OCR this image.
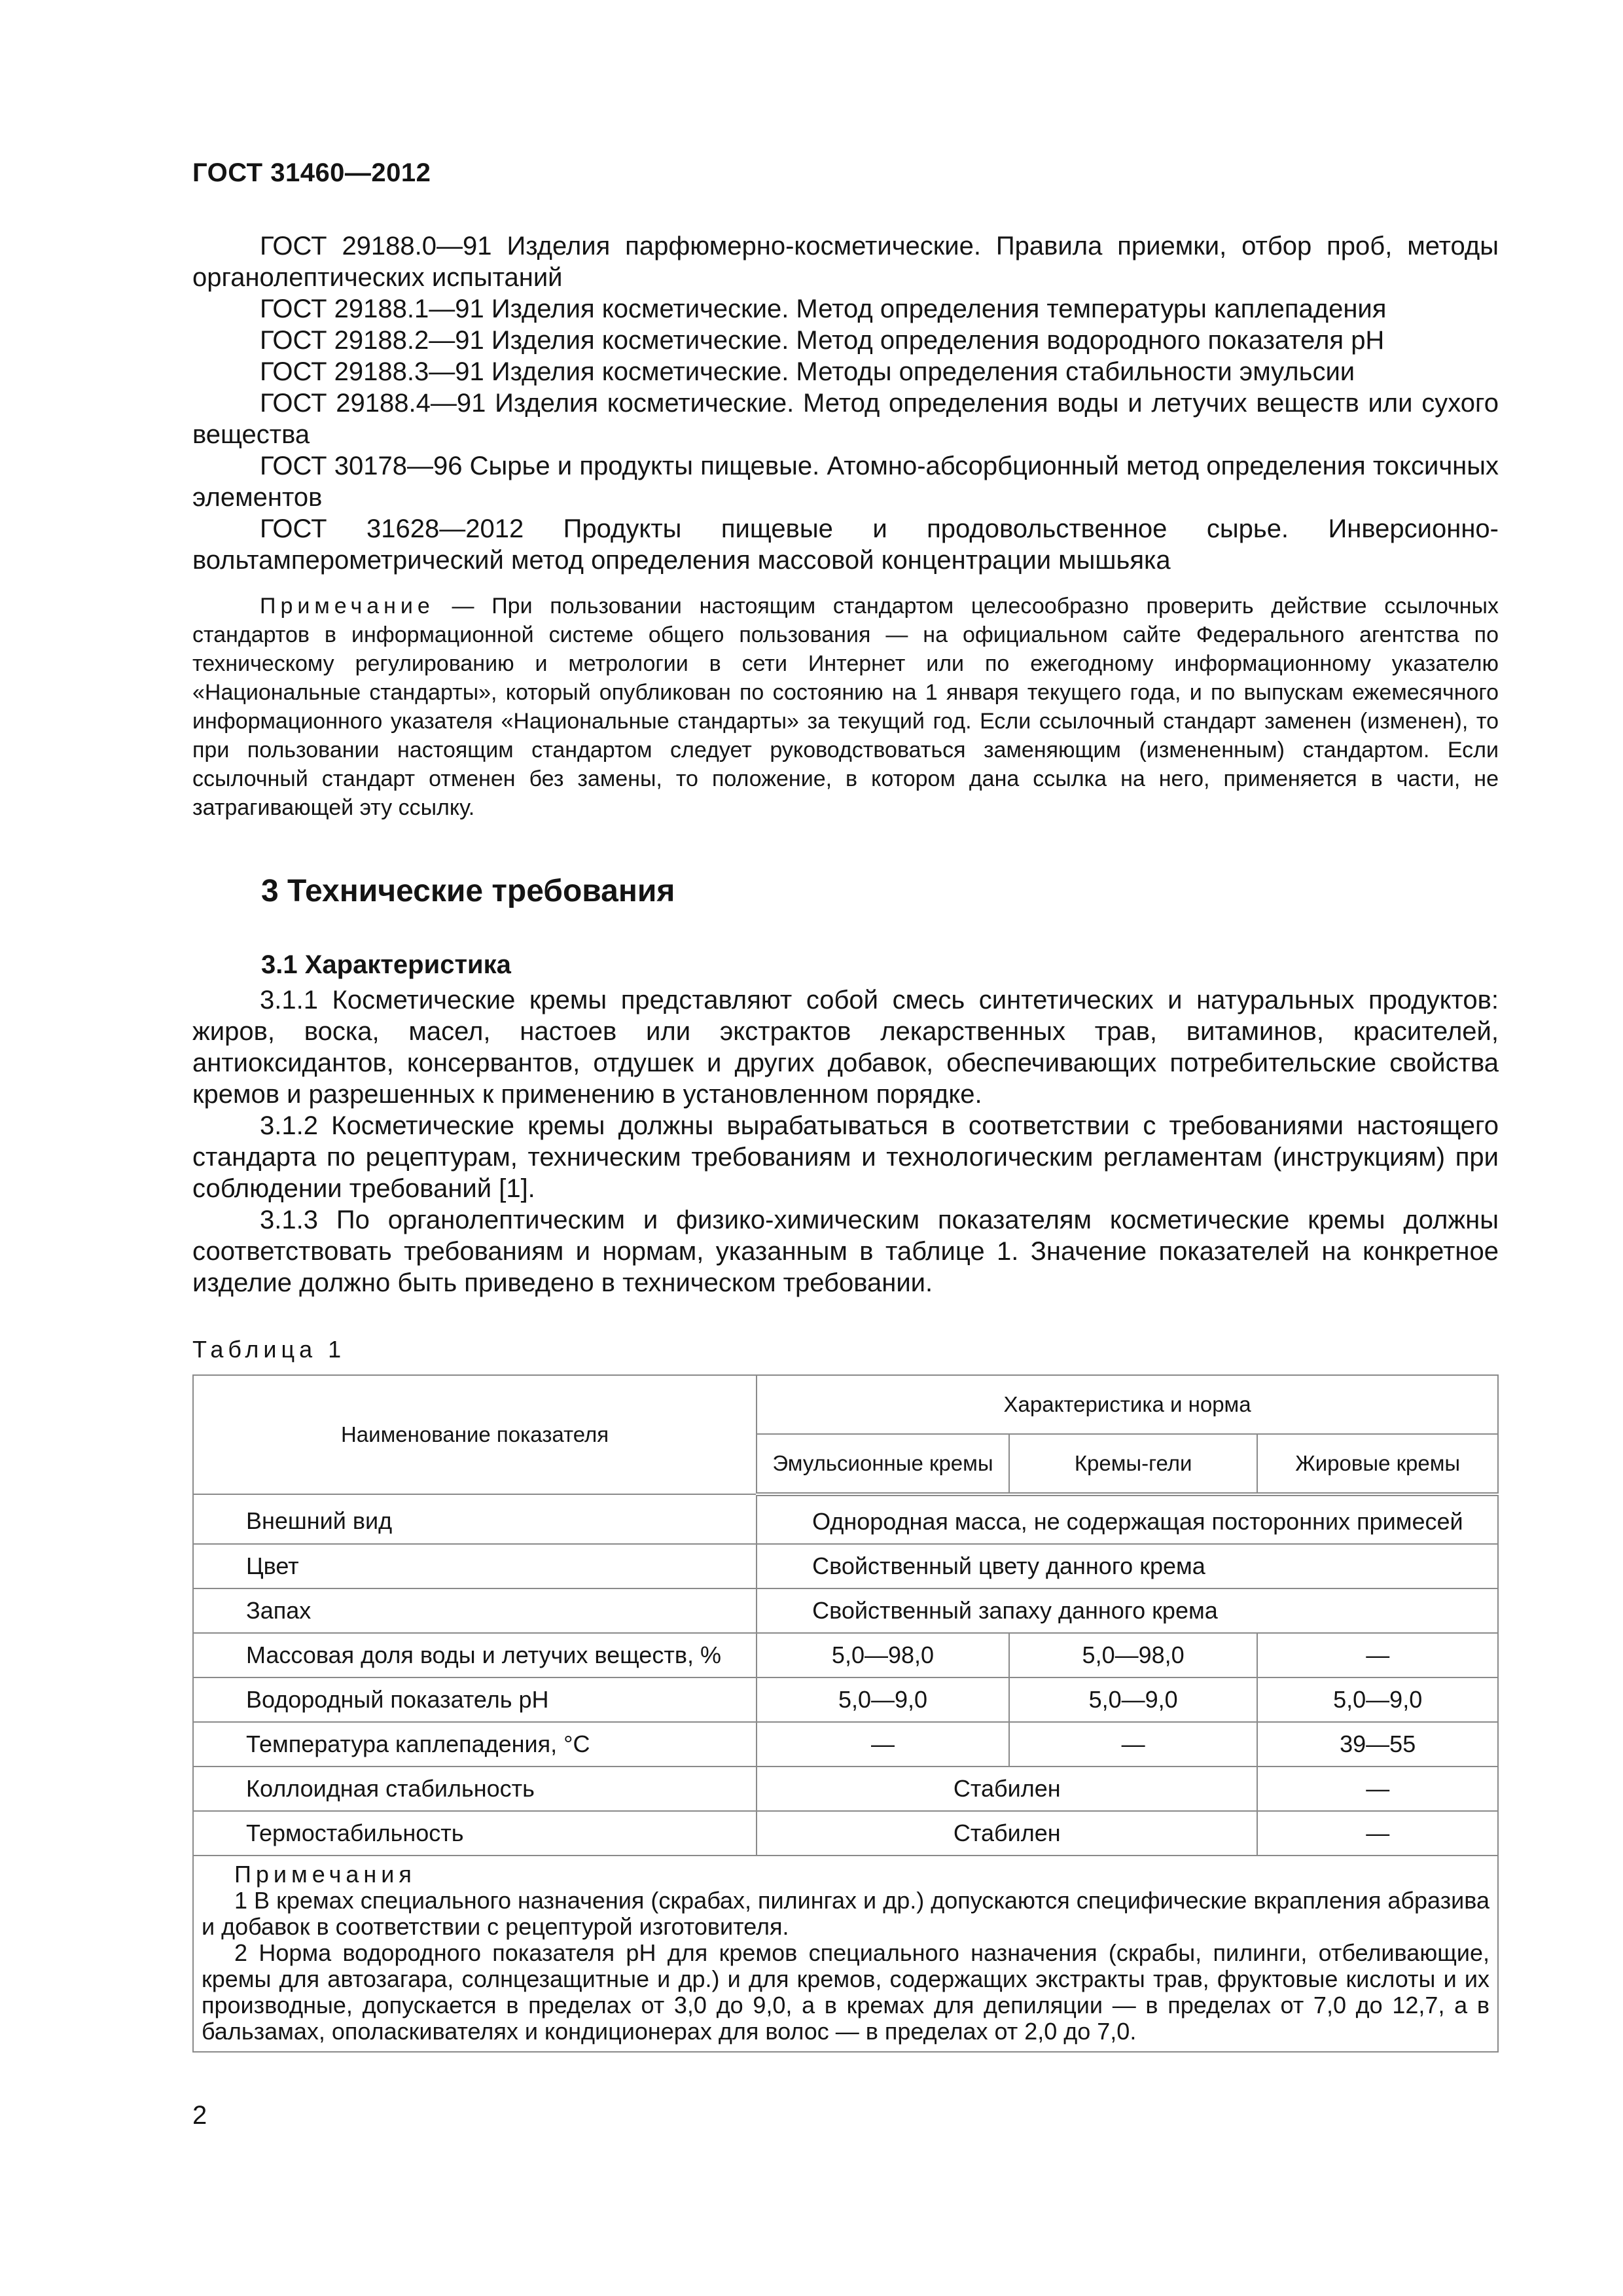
ГОСТ 31460—2012

ГОСТ 29188.0—91 Изделия парфюмерно-косметические. Правила приемки, отбор проб, методы органолептических испытаний

ГОСТ 29188.1—91 Изделия косметические. Метод определения температуры каплепадения

ГОСТ 29188.2—91 Изделия косметические. Метод определения водородного показателя pH

ГОСТ 29188.3—91 Изделия косметические. Методы определения стабильности эмульсии

ГОСТ 29188.4—91 Изделия косметические. Метод определения воды и летучих веществ или сухого вещества

ГОСТ 30178—96 Сырье и продукты пищевые. Атомно-абсорбционный метод определения токсичных элементов

ГОСТ 31628—2012 Продукты пищевые и продовольственное сырье. Инверсионно-вольтамперометрический метод определения массовой концентрации мышьяка

Примечание — При пользовании настоящим стандартом целесообразно проверить действие ссылочных стандартов в информационной системе общего пользования — на официальном сайте Федерального агентства по техническому регулированию и метрологии в сети Интернет или по ежегодному информационному указателю «Национальные стандарты», который опубликован по состоянию на 1 января текущего года, и по выпускам ежемесячного информационного указателя «Национальные стандарты» за текущий год. Если ссылочный стандарт заменен (изменен), то при пользовании настоящим стандартом следует руководствоваться заменяющим (измененным) стандартом. Если ссылочный стандарт отменен без замены, то положение, в котором дана ссылка на него, применяется в части, не затрагивающей эту ссылку.
3 Технические требования
3.1 Характеристика

3.1.1 Косметические кремы представляют собой смесь синтетических и натуральных продуктов: жиров, воска, масел, настоев или экстрактов лекарственных трав, витаминов, красителей, антиоксидантов, консервантов, отдушек и других добавок, обеспечивающих потребительские свойства кремов и разрешенных к применению в установленном порядке.

3.1.2 Косметические кремы должны вырабатываться в соответствии с требованиями настоящего стандарта по рецептурам, техническим требованиям и технологическим регламентам (инструкциям) при соблюдении требований [1].

3.1.3 По органолептическим и физико-химическим показателям косметические кремы должны соответствовать требованиям и нормам, указанным в таблице 1. Значение показателей на конкретное изделие должно быть приведено в техническом требовании.

Таблица 1
Наименование показателя	Характеристика и норма		
	Эмульсионные кремы	Кремы-гели	Жировые кремы
Внешний вид	Однородная масса, не содержащая посторонних примесей		
Цвет	Свойственный цвету данного крема		
Запах	Свойственный запаху данного крема		
Массовая доля воды и летучих веществ, %	5,0—98,0	5,0—98,0	—
Водородный показатель pH	5,0—9,0	5,0—9,0	5,0—9,0
Температура каплепадения, °С	—	—	39—55
Коллоидная стабильность	Стабилен		—
Термостабильность	Стабилен		—

Примечания
1 В кремах специального назначения (скрабах, пилингах и др.) допускаются специфические вкрапления абразива и добавок в соответствии с рецептурой изготовителя.
2 Норма водородного показателя pH для кремов специального назначения (скрабы, пилинги, отбеливающие, кремы для автозагара, солнцезащитные и др.) и для кремов, содержащих экстракты трав, фруктовые кислоты и их производные, допускается в пределах от 3,0 до 9,0, а в кремах для депиляции — в пределах от 7,0 до 12,7, а в бальзамах, ополаскивателях и кондиционерах для волос — в пределах от 2,0 до 7,0.			
2
